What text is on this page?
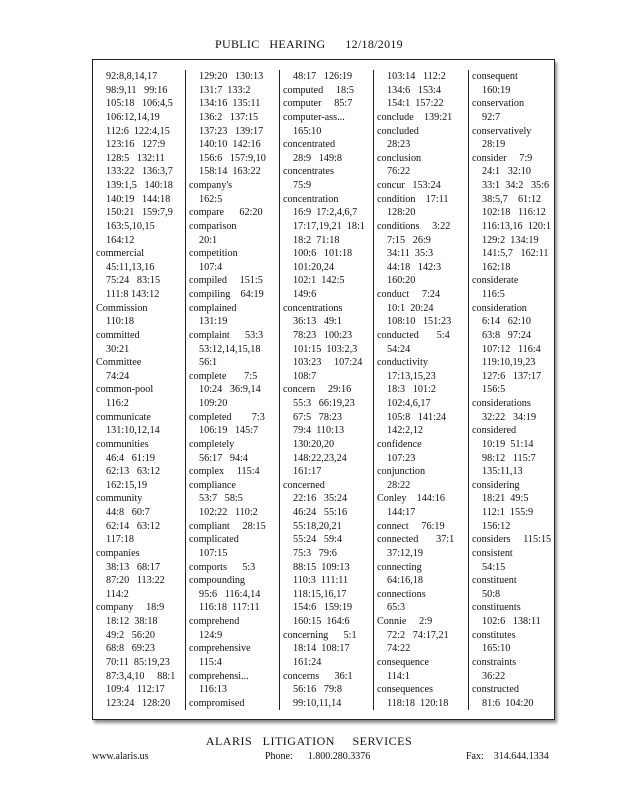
PUBLIC   HEARING      12/18/2019
92:8,8,14,17
98:9,11   99:16
105:18   106:4,5
106:12,14,19
112:6  122:4,15
123:16   127:9
128:5   132:11
133:22   136:3,7
139:1,5   140:18
140:19   144:18
150:21   159:7,9
163:5,10,15
164:12
commercial
45:11,13,16
75:24   83:15
111:8 143:12
Commission
110:18
committed
30:21
Committee
74:24
common-pool
116:2
communicate
131:10,12,14
communities
46:4   61:19
62:13   63:12
162:15,19
community
44:8   60:7
62:14   63:12
117:18
companies
38:13   68:17
87:20   113:22
114:2
company     18:9
18:12  38:18
49:2   56:20
68:8   69:23
70:11  85:19,23
87:3,4,10     88:1
109:4   112:17
123:24   128:20
129:20   130:13
131:7  133:2
134:16  135:11
136:2   137:15
137:23   139:17
140:10  142:16
156:6   157:9,10
158:14  163:22
company's
162:5
compare      62:20
comparison
20:1
competition
107:4
compiled     151:5
compiling    64:19
complained
131:19
complaint      53:3
53:12,14,15,18
56:1
complete       7:5
10:24   36:9,14
109:20
completed        7:3
106:19   145:7
completely
56:17   94:4
complex     115:4
compliance
53:7   58:5
102:22   110:2
compliant     28:15
complicated
107:15
comports      5:3
compounding
95:6   116:4,14
116:18  117:11
comprehend
124:9
comprehensive
115:4
comprehensi...
116:13
compromised
48:17   126:19
computed     18:5
computer     85:7
computer-ass...
165:10
concentrated
28:9   149:8
concentrates
75:9
concentration
16:9  17:2,4,6,7
17:17,19,21  18:1
18:2  71:18
100:6   101:18
101:20,24
102:1  142:5
149:6
concentrations
36:13   49:1
78:23   100:23
101:15  103:2,3
103:23     107:24
108:7
concern     29:16
55:3   66:19,23
67:5   78:23
79:4  110:13
130:20,20
148:22,23,24
161:17
concerned
22:16   35:24
46:24   55:16
55:18,20,21
55:24   59:4
75:3   79:6
88:15  109:13
110:3  111:11
118:15,16,17
154:6   159:19
160:15  164:6
concerning      5:1
18:14  108:17
161:24
concerns      36:1
56:16   79:8
99:10,11,14
103:14   112:2
134:6   153:4
154:1  157:22
conclude    139:21
concluded
28:23
conclusion
76:22
concur   153:24
condition    17:11
128:20
conditions     3:22
7:15   26:9
34:11  35:3
44:18   142:3
160:20
conduct     7:24
10:1  20:24
108:10   151:23
conducted       5:4
54:24
conductivity
17:13,15,23
18:3   101:2
102:4,6,17
105:8   141:24
142:2,12
confidence
107:23
conjunction
28:22
Conley    144:16
144:17
connect     76:19
connected       37:1
37:12,19
connecting
64:16,18
connections
65:3
Connie     2:9
72:2   74:17,21
74:22
consequence
114:1
consequences
118:18  120:18
consequent
160:19
conservation
92:7
conservatively
28:19
consider     7:9
24:1   32:10
33:1  34:2   35:6
38:5,7    61:12
102:18   116:12
116:13,16  120:1
129:2  134:19
141:5,7   162:11
162:18
considerate
116:5
consideration
6:14   62:10
63:8   97:24
107:12   116:4
119:10,19,23
127:6   137:17
156:5
considerations
32:22   34:19
considered
10:19  51:14
98:12   115:7
135:11,13
considering
18:21  49:5
112:1  155:9
156:12
considers     115:15
consistent
54:15
constituent
50:8
constituents
102:6   138:11
constitutes
165:10
constraints
36:22
constructed
81:6  104:20
ALARIS   LITIGATION     SERVICES
www.alaris.us	Phone:      1.800.280.3376	Fax:    314.644.1334
